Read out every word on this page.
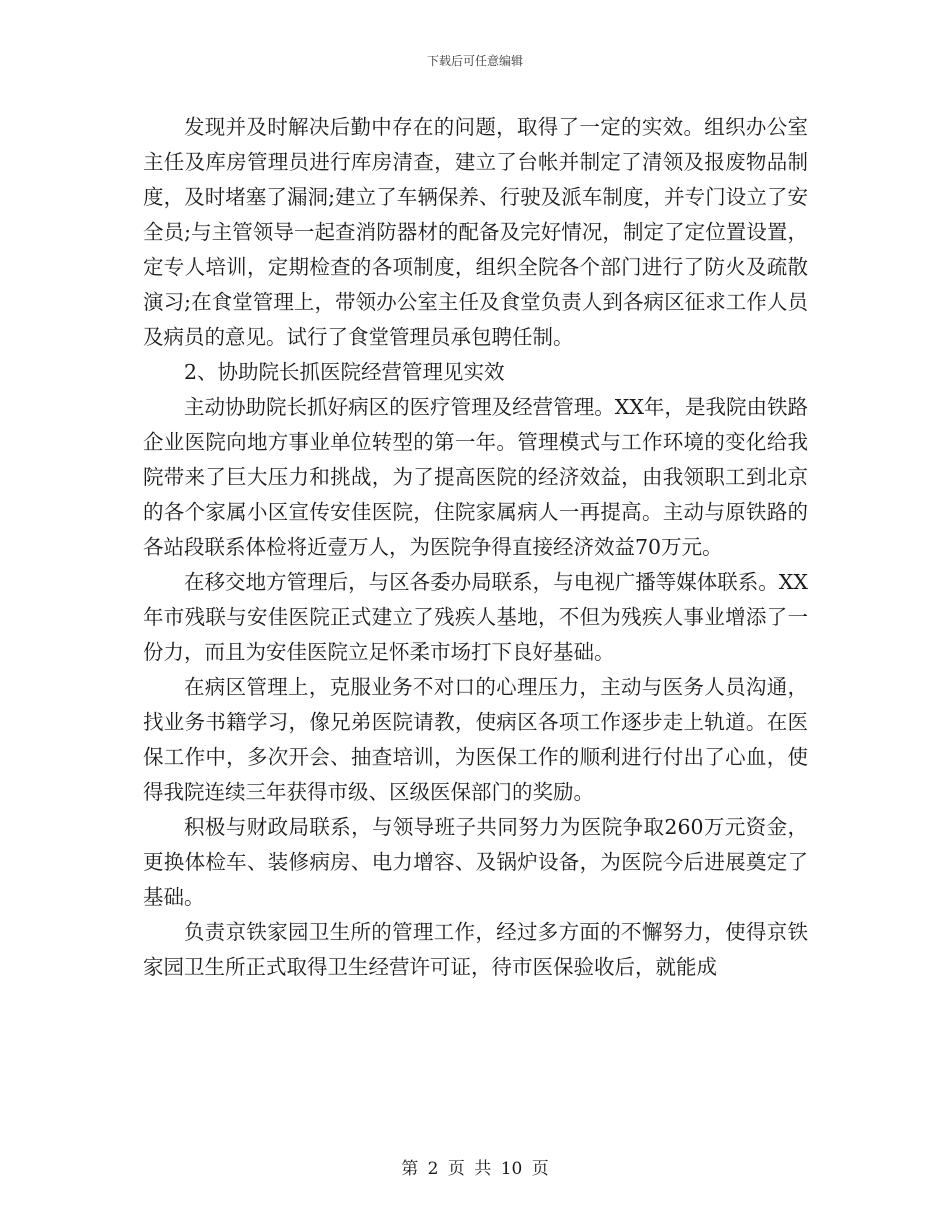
下载后可任意编辑

发现并及时解决后勤中存在的问题，取得了一定的实效。组织办公室主任及库房管理员进行库房清查，建立了台帐并制定了清领及报废物品制度，及时堵塞了漏洞;建立了车辆保养、行驶及派车制度，并专门设立了安全员;与主管领导一起查消防器材的配备及完好情况，制定了定位置设置，定专人培训，定期检查的各项制度，组织全院各个部门进行了防火及疏散演习;在食堂管理上，带领办公室主任及食堂负责人到各病区征求工作人员及病员的意见。试行了食堂管理员承包聘任制。

2、协助院长抓医院经营管理见实效

主动协助院长抓好病区的医疗管理及经营管理。XX年，是我院由铁路企业医院向地方事业单位转型的第一年。管理模式与工作环境的变化给我院带来了巨大压力和挑战，为了提高医院的经济效益，由我领职工到北京的各个家属小区宣传安佳医院，住院家属病人一再提高。主动与原铁路的各站段联系体检将近壹万人，为医院争得直接经济效益70万元。

在移交地方管理后，与区各委办局联系，与电视广播等媒体联系。XX年市残联与安佳医院正式建立了残疾人基地，不但为残疾人事业增添了一份力，而且为安佳医院立足怀柔市场打下良好基础。

在病区管理上，克服业务不对口的心理压力，主动与医务人员沟通，找业务书籍学习，像兄弟医院请教，使病区各项工作逐步走上轨道。在医保工作中，多次开会、抽查培训，为医保工作的顺利进行付出了心血，使得我院连续三年获得市级、区级医保部门的奖励。

积极与财政局联系，与领导班子共同努力为医院争取260万元资金，更换体检车、装修病房、电力增容、及锅炉设备，为医院今后进展奠定了基础。

负责京铁家园卫生所的管理工作，经过多方面的不懈努力，使得京铁家园卫生所正式取得卫生经营许可证，待市医保验收后，就能成

第 2 页 共 10 页
